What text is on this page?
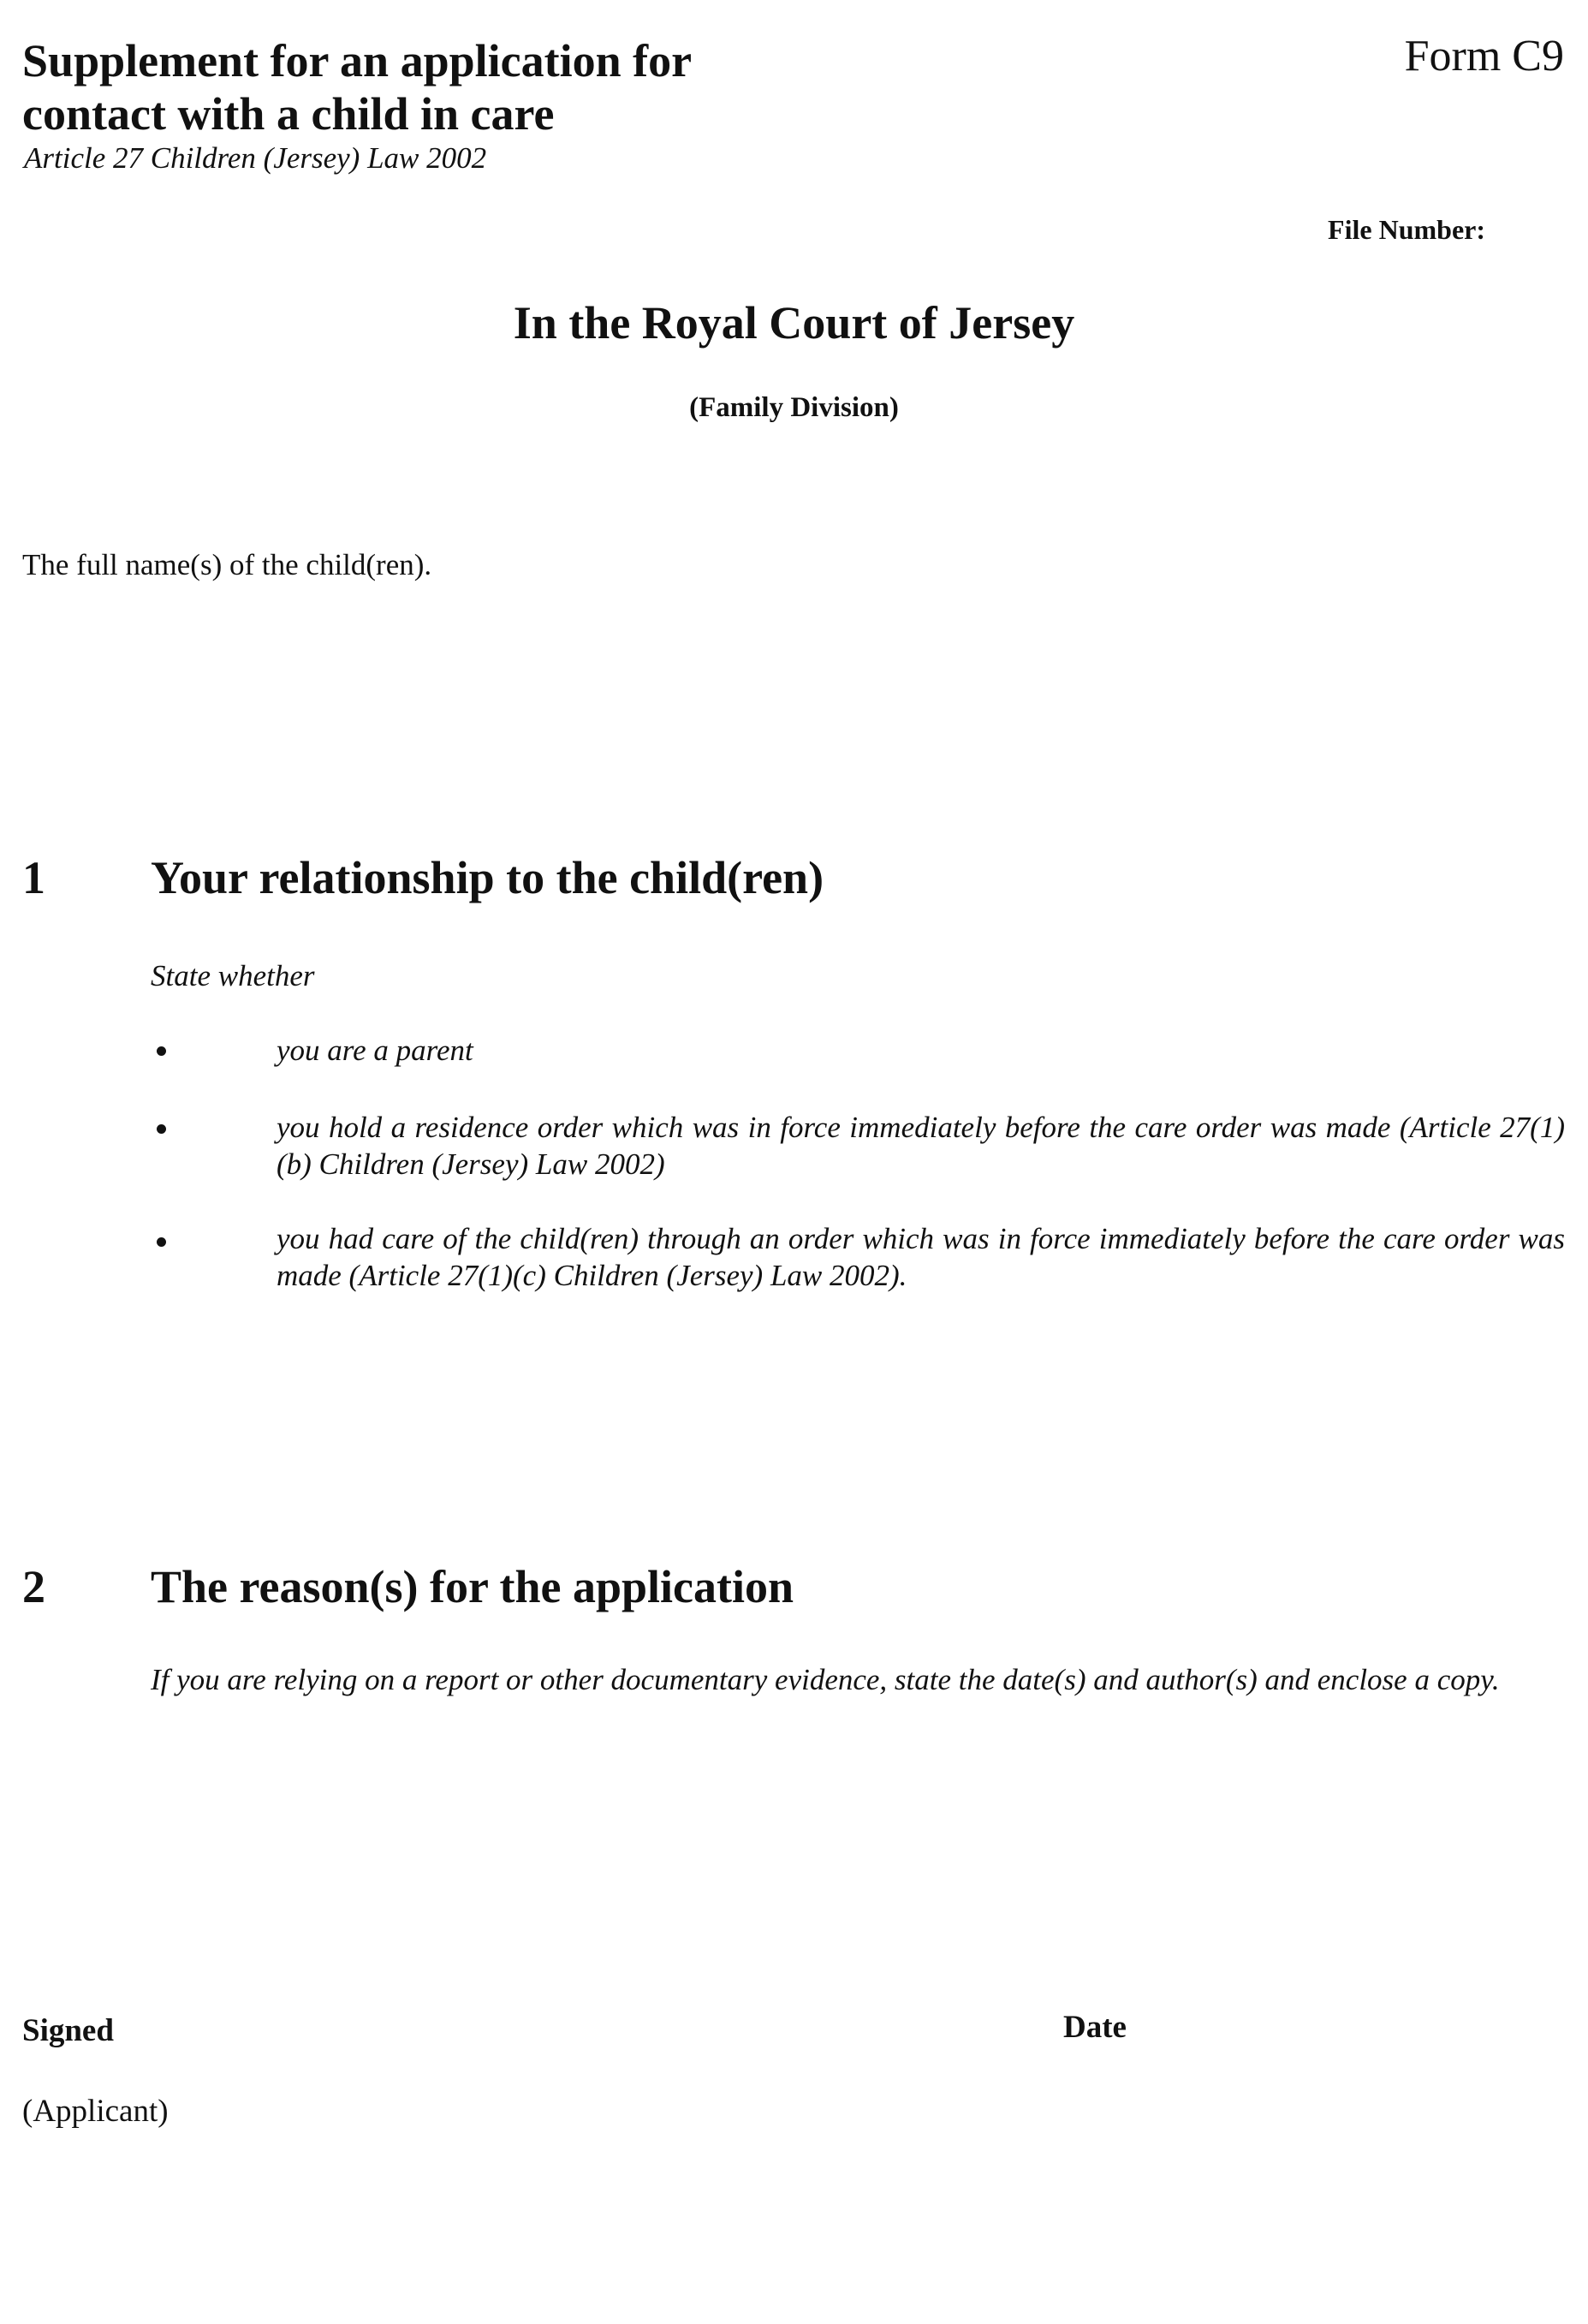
Supplement for an application for
contact with a child in care
Article 27 Children (Jersey) Law 2002
Form C9
File Number:
In the Royal Court of Jersey
(Family Division)
The full name(s) of the child(ren).
1 Your relationship to the child(ren)
State whether
you are a parent
you hold a residence order which was in force immediately before the care order was made (Article 27(1)(b) Children (Jersey) Law 2002)
you had care of the child(ren) through an order which was in force immediately before the care order was made (Article 27(1)(c) Children (Jersey) Law 2002).
2 The reason(s) for the application
If you are relying on a report or other documentary evidence, state the date(s) and author(s) and enclose a copy.
Signed	Date
(Applicant)
